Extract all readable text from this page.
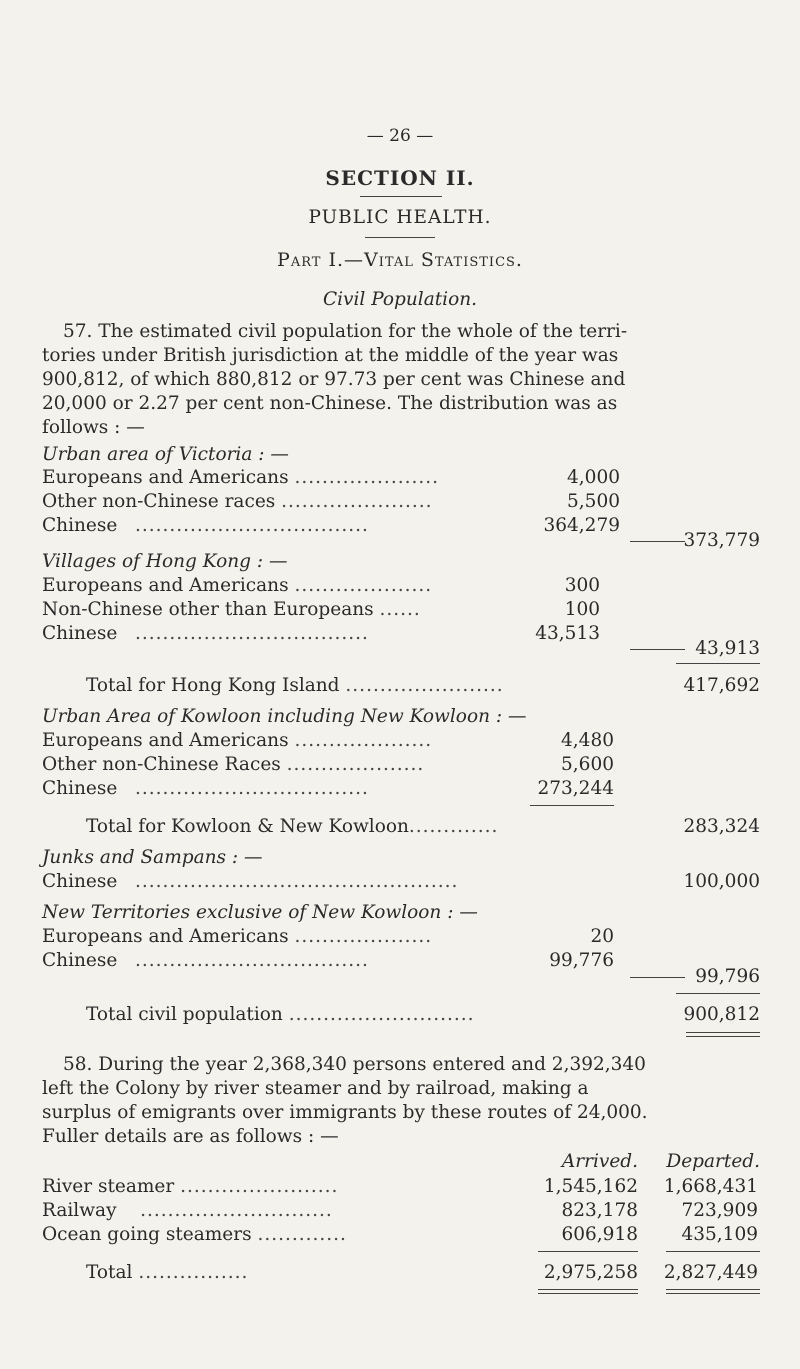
— 26 —
SECTION II.
PUBLIC HEALTH.
Part I.—Vital Statistics.
Civil Population.
57. The estimated civil population for the whole of the terri-
tories under British jurisdiction at the middle of the year was
900,812, of which 880,812 or 97.73 per cent was Chinese and
20,000 or 2.27 per cent non-Chinese. The distribution was as
follows : —
Urban area of Victoria : —
Europeans and Americans .....................	4,000
Other non-Chinese races ......................	5,500
Chinese ..................................	364,279
373,779
Villages of Hong Kong : —
Europeans and Americans ....................	300
Non-Chinese other than Europeans ......	100
Chinese ..................................	43,513
43,913
Total for Hong Kong Island .......................	417,692
Urban Area of Kowloon including New Kowloon : —
Europeans and Americans ....................	4,480
Other non-Chinese Races ....................	5,600
Chinese ..................................	273,244
Total for Kowloon & New Kowloon.............	283,324
Junks and Sampans : —
Chinese ...............................................	100,000
New Territories exclusive of New Kowloon : —
Europeans and Americans ....................	20
Chinese ..................................	99,776
99,796
Total civil population ...........................	900,812
58. During the year 2,368,340 persons entered and 2,392,340
left the Colony by river steamer and by railroad, making a
surplus of emigrants over immigrants by these routes of 24,000.
Fuller details are as follows : —
Arrived.	Departed.
River steamer .......................	1,545,162	1,668,431
Railway ............................	823,178	723,909
Ocean going steamers .............	606,918	435,109
Total ................	2,975,258	2,827,449
